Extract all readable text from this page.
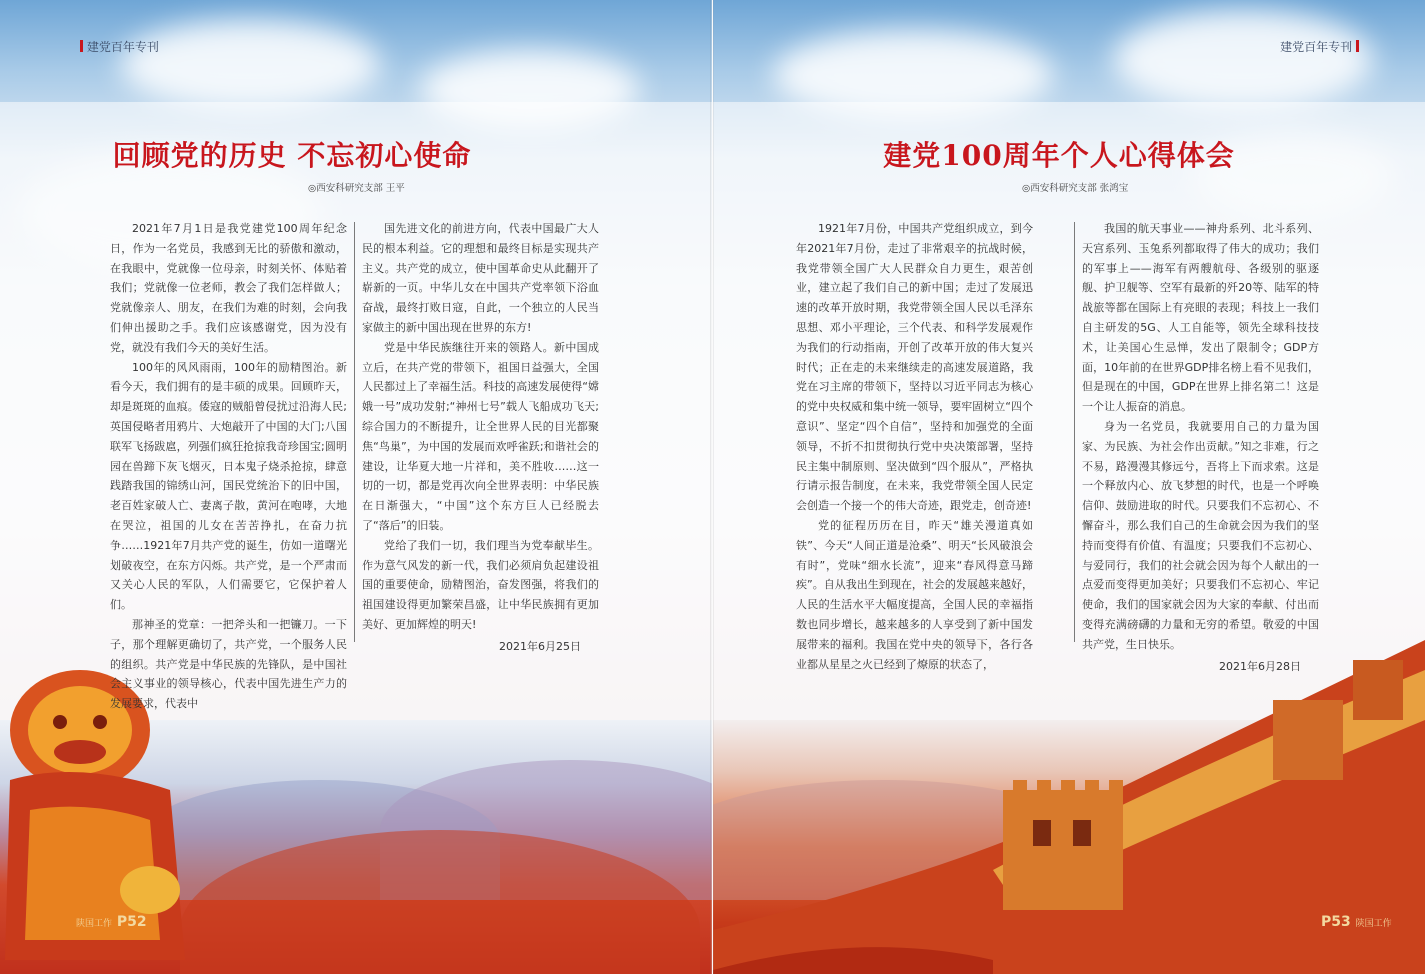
建党百年专刊
回顾党的历史 不忘初心使命
◎西安科研究支部 王平

2021年7月1日是我党建党100周年纪念日，作为一名党员，我感到无比的骄傲和激动，在我眼中，党就像一位母亲，时刻关怀、体贴着我们；党就像一位老师，教会了我们怎样做人；党就像亲人、朋友，在我们为难的时刻，会向我们伸出援助之手。我们应该感谢党，因为没有党，就没有我们今天的美好生活。

100年的风风雨雨，100年的励精图治。新看今天，我们拥有的是丰硕的成果。回顾昨天，却是斑斑的血痕。倭寇的贼船曾侵扰过沿海人民;英国侵略者用鸦片、大炮敲开了中国的大门;八国联军飞扬跋扈，列强们疯狂抢掠我奇珍国宝;圆明园在兽蹄下灰飞烟灭，日本鬼子烧杀抢掠，肆意践踏我国的锦绣山河，国民党统治下的旧中国，老百姓家破人亡、妻离子散，黄河在咆哮，大地在哭泣，祖国的儿女在苦苦挣扎，在奋力抗争……1921年7月共产党的诞生，仿如一道曙光划破夜空，在东方闪烁。共产党，是一个严肃而又关心人民的军队，人们需要它，它保护着人们。

那神圣的党章：一把斧头和一把镰刀。一下子，那个理解更确切了，共产党，一个服务人民的组织。共产党是中华民族的先锋队，是中国社会主义事业的领导核心，代表中国先进生产力的发展要求，代表中

国先进文化的前进方向，代表中国最广大人民的根本利益。它的理想和最终目标是实现共产主义。共产党的成立，使中国革命史从此翻开了崭新的一页。中华儿女在中国共产党率领下浴血奋战，最终打败日寇，自此，一个独立的人民当家做主的新中国出现在世界的东方!

党是中华民族继往开来的领路人。新中国成立后，在共产党的带领下，祖国日益强大，全国人民都过上了幸福生活。科技的高速发展使得“嫦娥一号”成功发射;“神州七号”载人飞船成功飞天;综合国力的不断提升，让全世界人民的目光都聚焦“鸟巢”，为中国的发展而欢呼雀跃;和谐社会的建设，让华夏大地一片祥和，美不胜收……这一切的一切，都是党再次向全世界表明：中华民族在日渐强大，“中国”这个东方巨人已经脱去了“落后”的旧装。

党给了我们一切，我们理当为党奉献毕生。作为意气风发的新一代，我们必须肩负起建设祖国的重要使命，励精图治，奋发图强，将我们的祖国建设得更加繁荣昌盛，让中华民族拥有更加美好、更加辉煌的明天!

2021年6月25日

陕国工作 P52
建党百年专刊
建党100周年个人心得体会
◎西安科研究支部 张鸿宝

1921年7月份，中国共产党组织成立，到今年2021年7月份，走过了非常艰辛的抗战时候，我党带领全国广大人民群众自力更生，艰苦创业，建立起了我们自己的新中国；走过了发展迅速的改革开放时期，我党带领全国人民以毛泽东思想、邓小平理论，三个代表、和科学发展观作为我们的行动指南，开创了改革开放的伟大复兴时代；正在走的未来继续走的高速发展道路，我党在习主席的带领下，坚持以习近平同志为核心的党中央权威和集中统一领导，要牢固树立“四个意识”、坚定“四个自信”，坚持和加强党的全面领导，不折不扣贯彻执行党中央决策部署，坚持民主集中制原则、坚决做到“四个服从”，严格执行请示报告制度，在未来，我党带领全国人民定会创造一个接一个的伟大奇迹，跟党走，创奇迹!

党的征程历历在目，昨天“雄关漫道真如铁”、今天“人间正道是沧桑”、明天“长风破浪会有时”，党味“细水长流”，迎来“春风得意马蹄疾”。自从我出生到现在，社会的发展越来越好，人民的生活水平大幅度提高，全国人民的幸福指数也同步增长，越来越多的人享受到了新中国发展带来的福利。我国在党中央的领导下，各行各业都从星星之火已经到了燎原的状态了，

我国的航天事业——神舟系列、北斗系列、天宫系列、玉兔系列都取得了伟大的成功；我们的军事上——海军有两艘航母、各级别的驱逐舰、护卫舰等、空军有最新的歼20等、陆军的特战旅等都在国际上有亮眼的表现；科技上一我们自主研发的5G、人工自能等，领先全球科技技术，让美国心生忌惮，发出了限制令；GDP方面，10年前的在世界GDP排名榜上看不见我们，但是现在的中国，GDP在世界上排名第二！这是一个让人振奋的消息。

身为一名党员，我就要用自己的力量为国家、为民族、为社会作出贡献。”知之非难，行之不易，路漫漫其修远兮，吾将上下而求索。这是一个释放内心、放飞梦想的时代，也是一个呼唤信仰、鼓励进取的时代。只要我们不忘初心、不懈奋斗，那么我们自己的生命就会因为我们的坚持而变得有价值、有温度；只要我们不忘初心、与爱同行，我们的社会就会因为每个人献出的一点爱而变得更加美好；只要我们不忘初心、牢记使命，我们的国家就会因为大家的奉献、付出而变得充满磅礴的力量和无穷的希望。敬爱的中国共产党，生日快乐。

2021年6月28日

P53 陕国工作
